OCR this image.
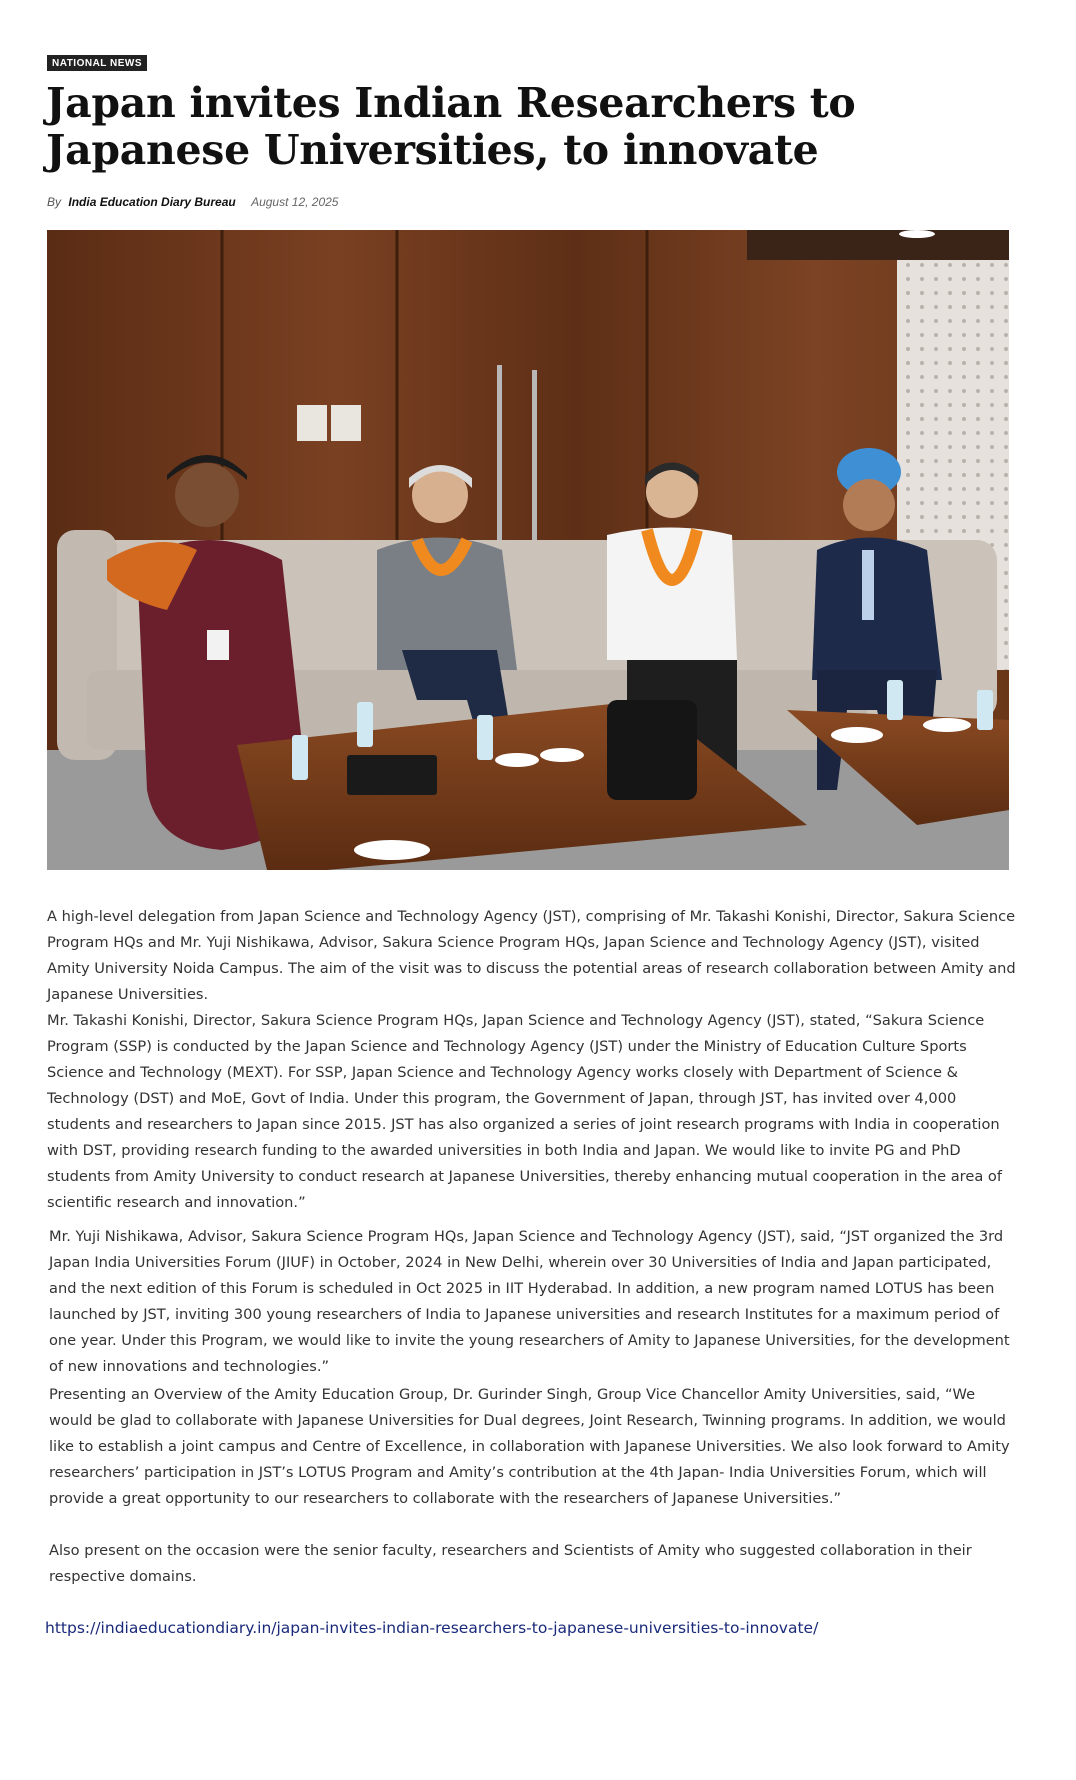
NATIONAL NEWS
Japan invites Indian Researchers to Japanese Universities, to innovate
By India Education Diary Bureau August 12, 2025

A high-level delegation from Japan Science and Technology Agency (JST), comprising of Mr. Takashi Konishi, Director, Sakura Science Program HQs and Mr. Yuji Nishikawa, Advisor, Sakura Science Program HQs, Japan Science and Technology Agency (JST), visited Amity University Noida Campus. The aim of the visit was to discuss the potential areas of research collaboration between Amity and Japanese Universities.

Mr. Takashi Konishi, Director, Sakura Science Program HQs, Japan Science and Technology Agency (JST), stated, “Sakura Science Program (SSP) is conducted by the Japan Science and Technology Agency (JST) under the Ministry of Education Culture Sports Science and Technology (MEXT). For SSP, Japan Science and Technology Agency works closely with Department of Science & Technology (DST) and MoE, Govt of India. Under this program, the Government of Japan, through JST, has invited over 4,000 students and researchers to Japan since 2015. JST has also organized a series of joint research programs with India in cooperation with DST, providing research funding to the awarded universities in both India and Japan. We would like to invite PG and PhD students from Amity University to conduct research at Japanese Universities, thereby enhancing mutual cooperation in the area of scientific research and innovation.”

Mr. Yuji Nishikawa, Advisor, Sakura Science Program HQs, Japan Science and Technology Agency (JST), said, “JST organized the 3rd Japan India Universities Forum (JIUF) in October, 2024 in New Delhi, wherein over 30 Universities of India and Japan participated, and the next edition of this Forum is scheduled in Oct 2025 in IIT Hyderabad. In addition, a new program named LOTUS has been launched by JST, inviting 300 young researchers of India to Japanese universities and research Institutes for a maximum period of one year. Under this Program, we would like to invite the young researchers of Amity to Japanese Universities, for the development of new innovations and technologies.”

Presenting an Overview of the Amity Education Group, Dr. Gurinder Singh, Group Vice Chancellor Amity Universities, said, “We would be glad to collaborate with Japanese Universities for Dual degrees, Joint Research, Twinning programs. In addition, we would like to establish a joint campus and Centre of Excellence, in collaboration with Japanese Universities. We also look forward to Amity researchers’ participation in JST’s LOTUS Program and Amity’s contribution at the 4th Japan- India Universities Forum, which will provide a great opportunity to our researchers to collaborate with the researchers of Japanese Universities.”

Also present on the occasion were the senior faculty, researchers and Scientists of Amity who suggested collaboration in their respective domains.

https://indiaeducationdiary.in/japan-invites-indian-researchers-to-japanese-universities-to-innovate/
